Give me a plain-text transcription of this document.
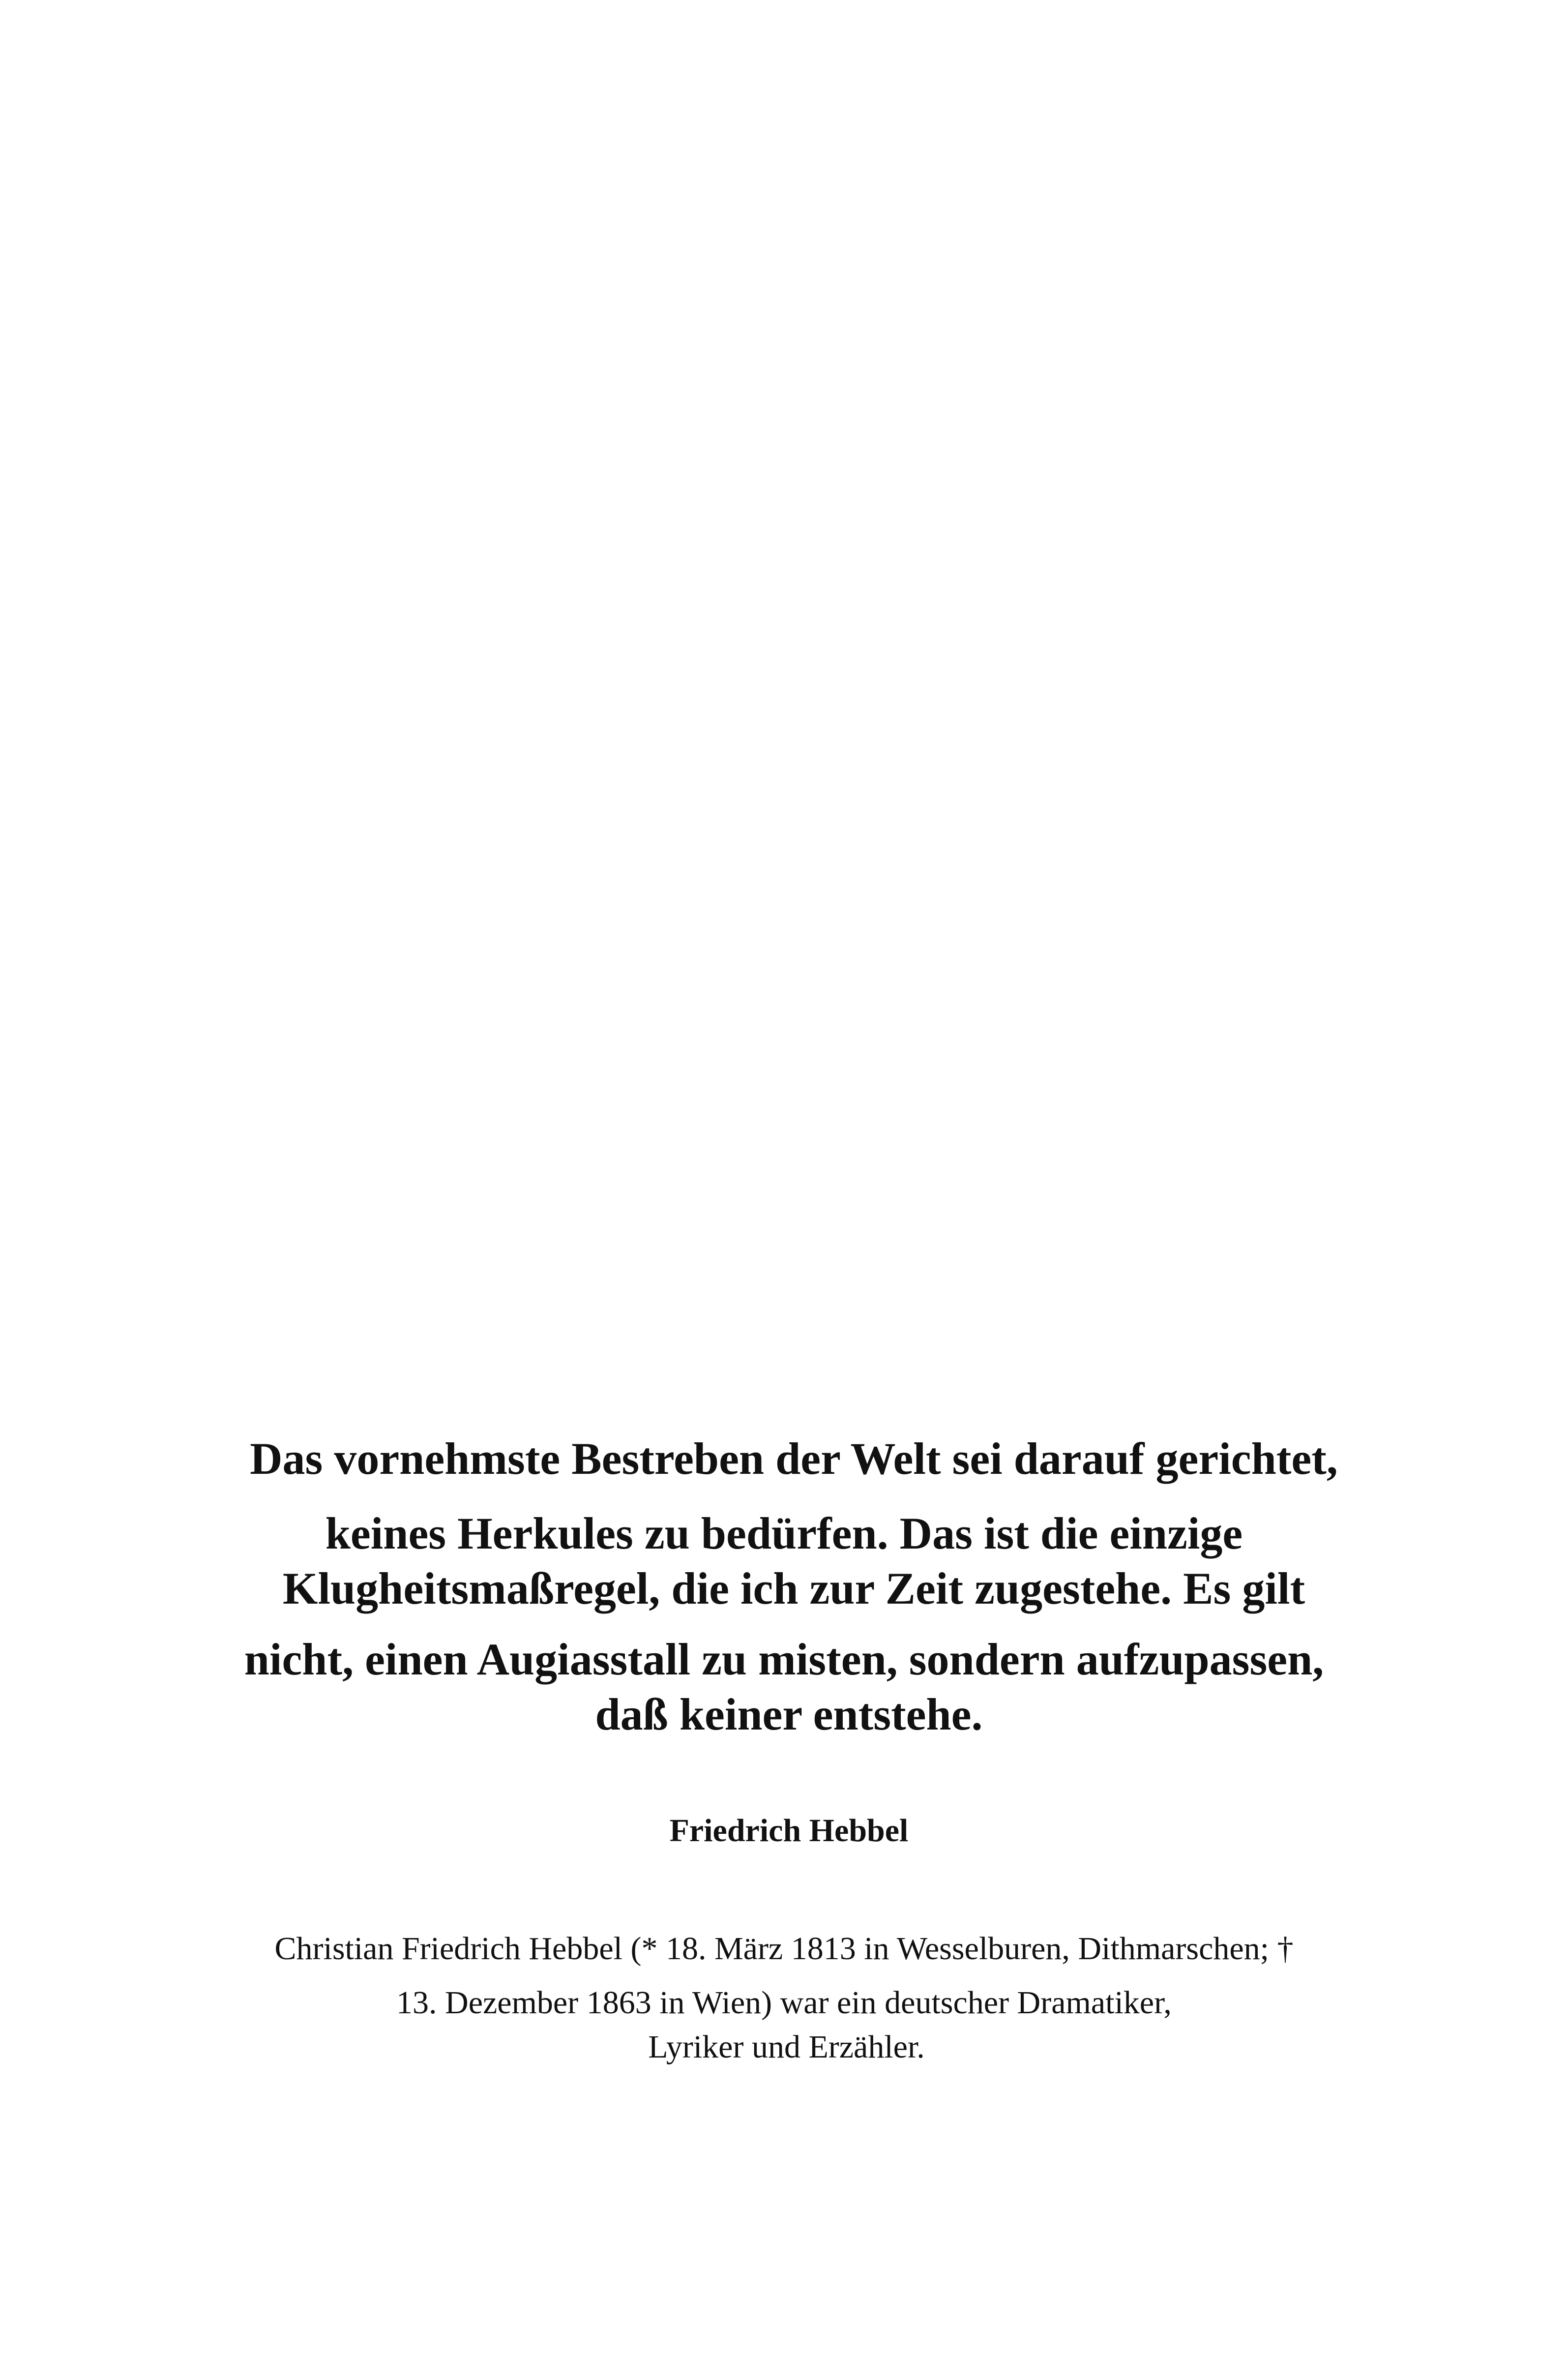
Das vornehmste Bestreben der Welt sei darauf gerichtet,
keines Herkules zu bedürfen. Das ist die einzige
Klugheitsmaßregel, die ich zur Zeit zugestehe. Es gilt
nicht, einen Augiasstall zu misten, sondern aufzupassen,
daß keiner entstehe.
Friedrich Hebbel
Christian Friedrich Hebbel (* 18. März 1813 in Wesselburen, Dithmarschen; †
13. Dezember 1863 in Wien) war ein deutscher Dramatiker,
Lyriker und Erzähler.
